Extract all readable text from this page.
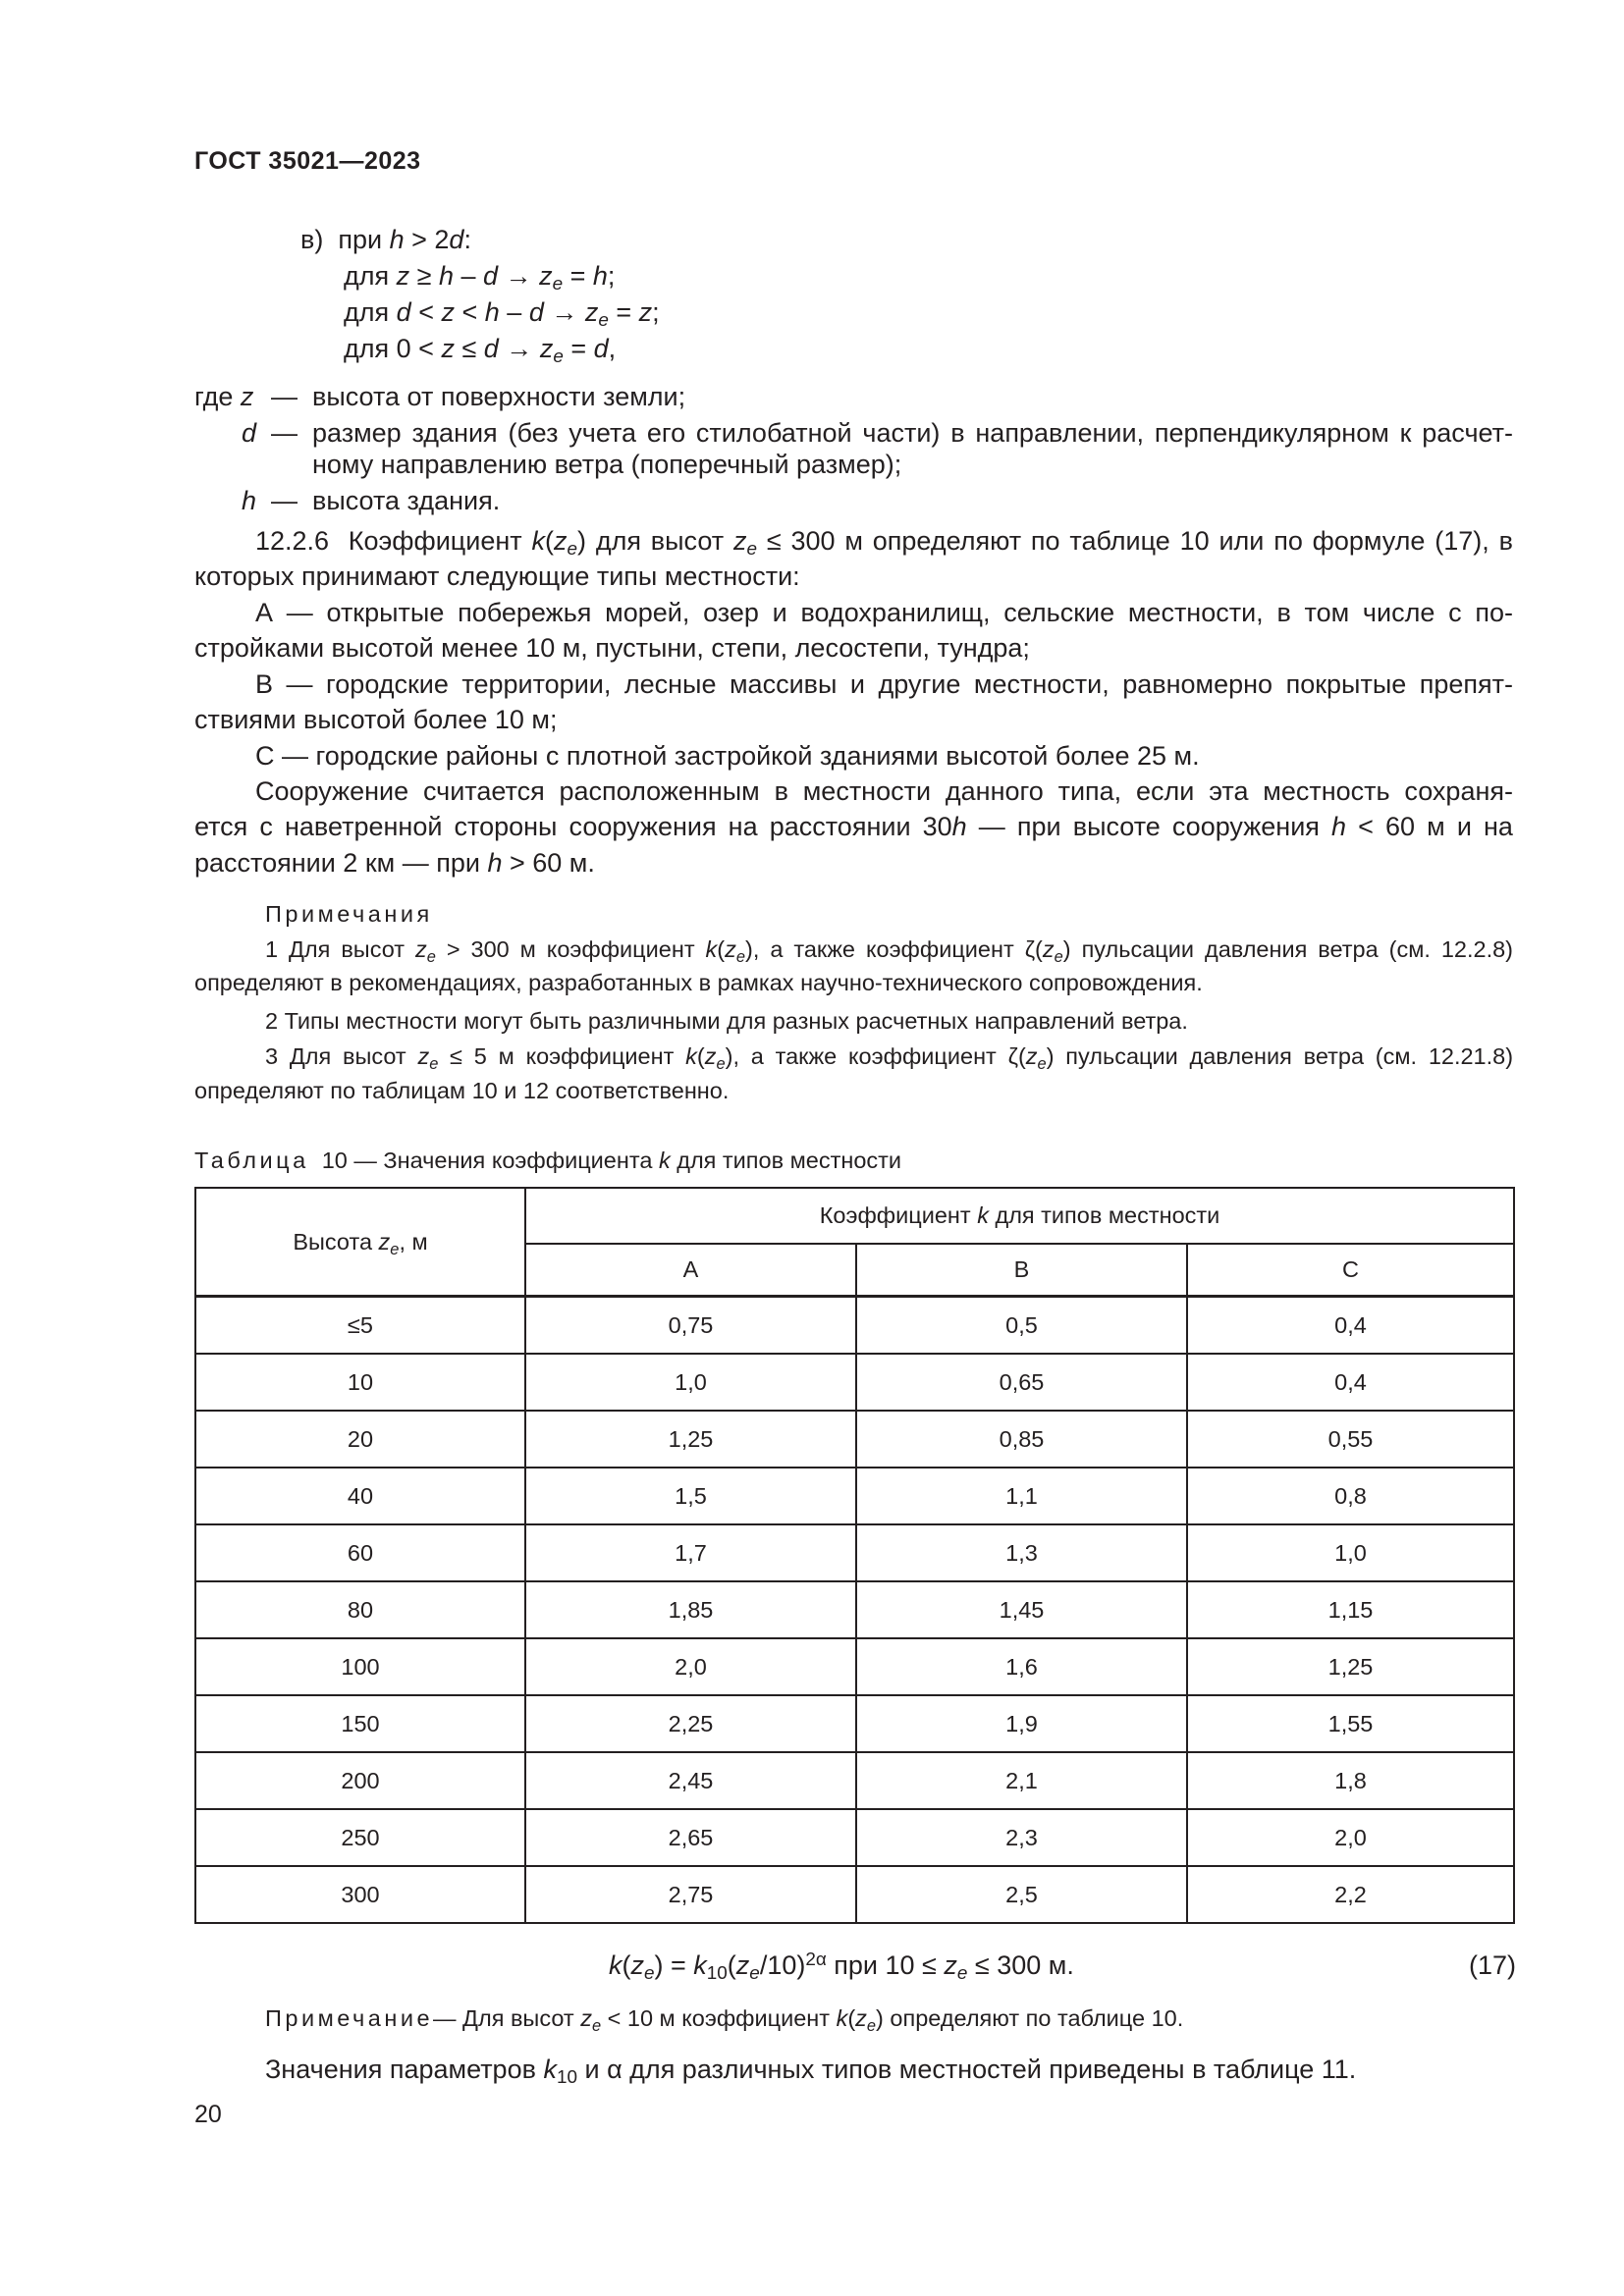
ГОСТ 35021—2023
в) при h > 2d:
для $z \ge h - d \to z_e = h$;
для $d < z < h - d \to z_e = z$;
для $0 < z \le d \to z_e = d$,
где z — высота от поверхности земли;
d — размер здания (без учета его стилобатной части) в направлении, перпендикулярном к расчет-
ному направлению ветра (поперечный размер);
h — высота здания.
12.2.6 Коэффициент $k(z_e)$ для высот $z_e \le 300$ м определяют по таблице 10 или по формуле (17), в
которых принимают следующие типы местности:
А — открытые побережья морей, озер и водохранилищ, сельские местности, в том числе с по-
стройками высотой менее 10 м, пустыни, степи, лесостепи, тундра;
В — городские территории, лесные массивы и другие местности, равномерно покрытые препят-
ствиями высотой более 10 м;
С — городские районы с плотной застройкой зданиями высотой более 25 м.
Сооружение считается расположенным в местности данного типа, если эта местность сохраня-
ется с наветренной стороны сооружения на расстоянии 30h — при высоте сооружения h < 60 м и на
расстоянии 2 км — при h > 60 м.
Примечания
1 Для высот $z_e > 300$ м коэффициент $k(z_e)$, а также коэффициент $\zeta(z_e)$ пульсации давления ветра (см. 12.2.8)
определяют в рекомендациях, разработанных в рамках научно-технического сопровождения.
2 Типы местности могут быть различными для разных расчетных направлений ветра.
3 Для высот $z_e \le 5$ м коэффициент $k(z_e)$, а также коэффициент $\zeta(z_e)$ пульсации давления ветра (см. 12.21.8)
определяют по таблицам 10 и 12 соответственно.
Таблица 10 — Значения коэффициента k для типов местности
Высота $z_e$, м	Коэффициент k для типов местности		
	А	В	С
≤5	0,75	0,5	0,4
10	1,0	0,65	0,4
20	1,25	0,85	0,55
40	1,5	1,1	0,8
60	1,7	1,3	1,0
80	1,85	1,45	1,15
100	2,0	1,6	1,25
150	2,25	1,9	1,55
200	2,45	2,1	1,8
250	2,65	2,3	2,0
300	2,75	2,5	2,2
$k(z_e) = k_{10}(z_e/10)^{2\alpha}$ при $10 \le z_e \le 300$ м.	(17)
Примечание— Для высот $z_e < 10$ м коэффициент $k(z_e)$ определяют по таблице 10.
Значения параметров $k_{10}$ и α для различных типов местностей приведены в таблице 11.
20
